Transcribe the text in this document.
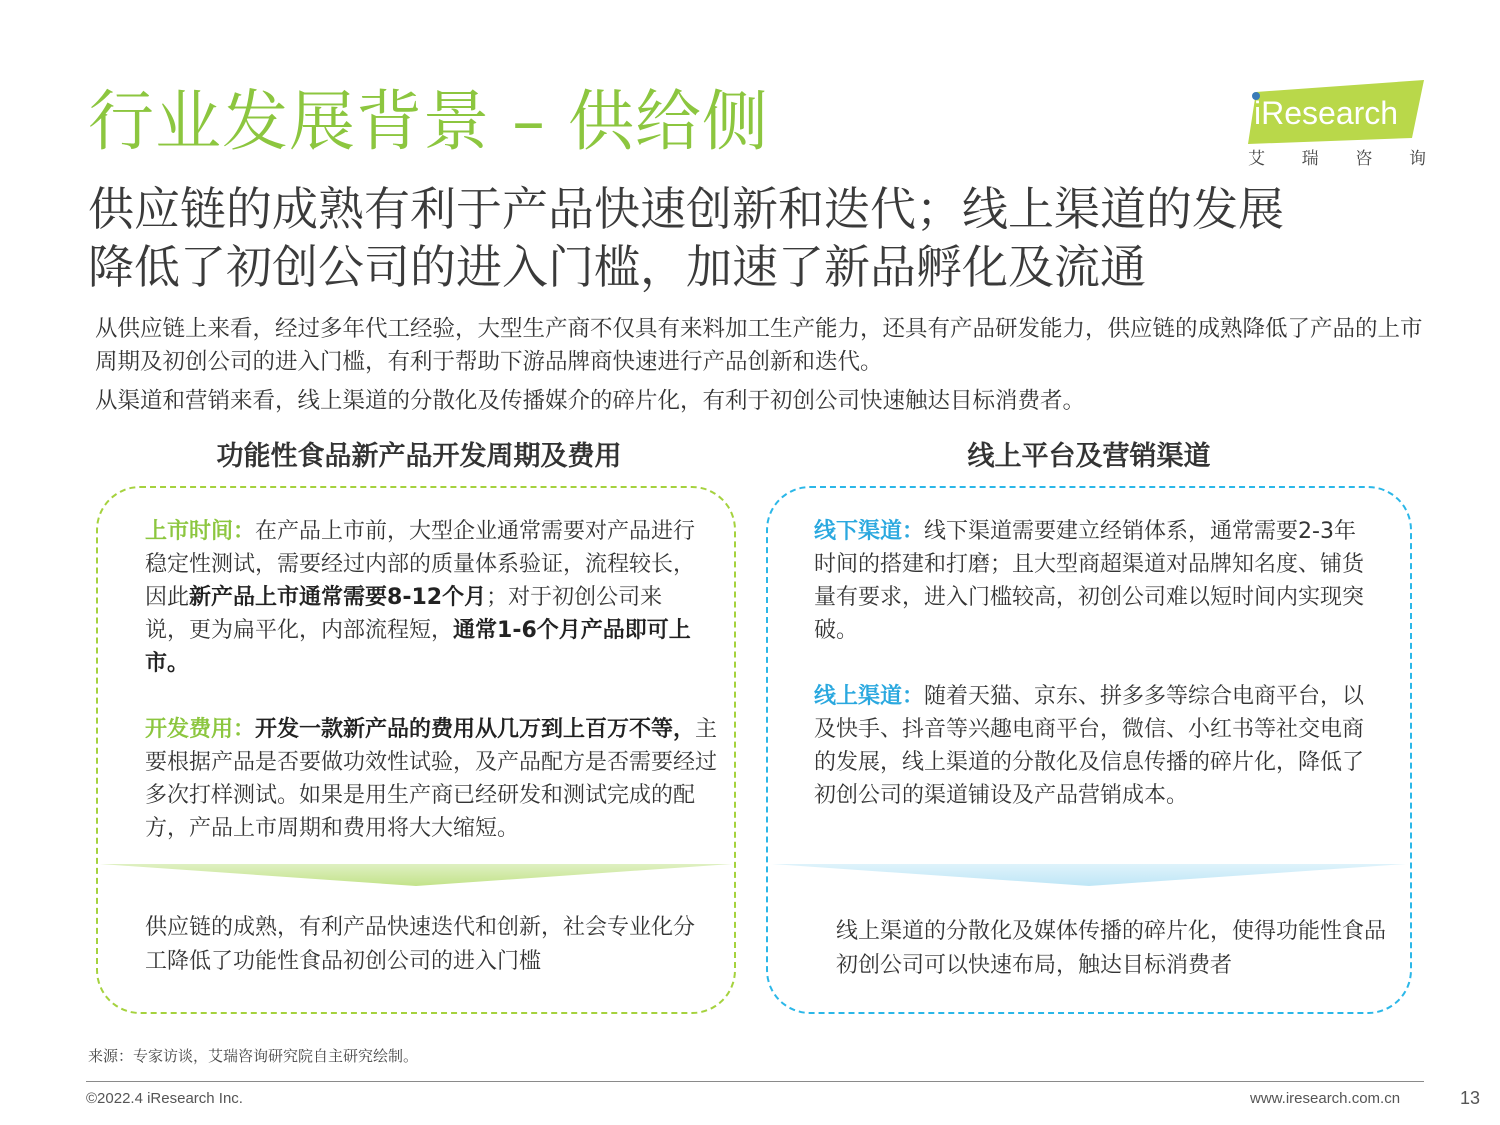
行业发展背景 – 供给侧	iResearch
艾 瑞 咨 询
供应链的成熟有利于产品快速创新和迭代；线上渠道的发展
降低了初创公司的进入门槛，加速了新品孵化及流通

从供应链上来看，经过多年代工经验，大型生产商不仅具有来料加工生产能力，还具有产品研发能力，供应链的成熟降低了产品的上市周期及初创公司的进入门槛，有利于帮助下游品牌商快速进行产品创新和迭代。

从渠道和营销来看，线上渠道的分散化及传播媒介的碎片化，有利于初创公司快速触达目标消费者。

功能性食品新产品开发周期及费用	线上平台及营销渠道

上市时间：在产品上市前，大型企业通常需要对产品进行稳定性测试，需要经过内部的质量体系验证，流程较长，因此新产品上市通常需要8-12个月；对于初创公司来说，更为扁平化，内部流程短，通常1-6个月产品即可上市。

开发费用：开发一款新产品的费用从几万到上百万不等，主要根据产品是否要做功效性试验，及产品配方是否需要经过多次打样测试。如果是用生产商已经研发和测试完成的配方，产品上市周期和费用将大大缩短。

供应链的成熟，有利产品快速迭代和创新，社会专业化分工降低了功能性食品初创公司的进入门槛

线下渠道：线下渠道需要建立经销体系，通常需要2-3年时间的搭建和打磨；且大型商超渠道对品牌知名度、铺货量有要求，进入门槛较高，初创公司难以短时间内实现突破。

线上渠道：随着天猫、京东、拼多多等综合电商平台，以及快手、抖音等兴趣电商平台，微信、小红书等社交电商的发展，线上渠道的分散化及信息传播的碎片化，降低了初创公司的渠道铺设及产品营销成本。

线上渠道的分散化及媒体传播的碎片化，使得功能性食品初创公司可以快速布局，触达目标消费者
来源：专家访谈，艾瑞咨询研究院自主研究绘制。
©2022.4 iResearch Inc.	www.iresearch.com.cn	13
